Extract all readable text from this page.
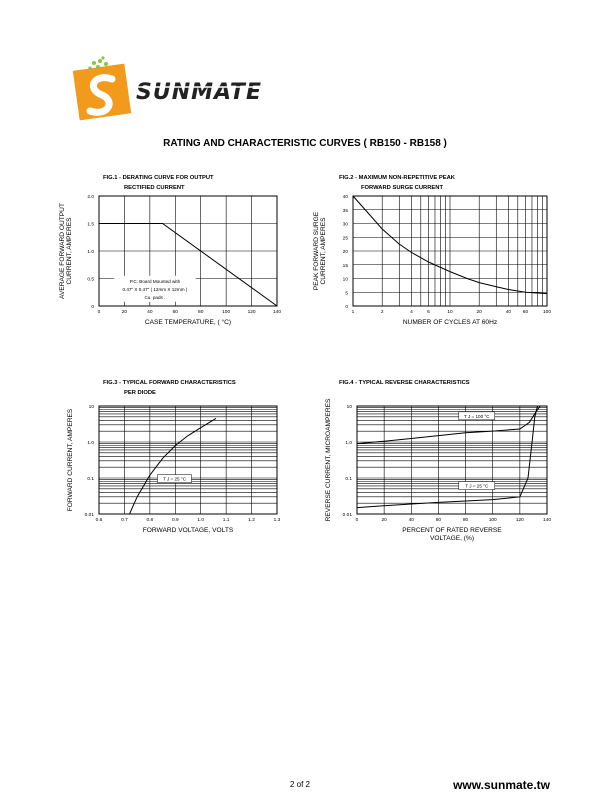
SUNMATE
RATING AND CHARACTERISTIC CURVES ( RB150 - RB158 )
FIG.1 - DERATING CURVE FOR OUTPUT
RECTIFIED CURRENT
0	20	40	60	80	100	120	140
0
0.5
1.0
1.5
2.0
CASE TEMPERATURE, ( °C)
AVERAGE FORWARD OUTPUT CURRENT, AMPERES	P.C. Board Mounted with
0.47" X 0.47" ( 12mm X 12mm )
Cu. pads .
FIG.2 - MAXIMUM NON-REPETITIVE PEAK
FORWARD SURGE CURRENT
1	2	4	6	10	20	40 60	100
0
5
10
15
20
25
30
35
40
NUMBER OF CYCLES AT 60Hz
PEAK FORWARD SURGE CURRENT, AMPERES
FIG.3 - TYPICAL FORWARD CHARACTERISTICS
PER DIODE
0.6	0.7	0.8	0.9	1.0	1.1	1.2	1.3
0.01
0.1
1.0
10
FORWARD VOLTAGE, VOLTS
FORWARD CURRENT, AMPERES	T J = 25 °C
FIG.4 - TYPICAL REVERSE CHARACTERISTICS
0	20	40	60	80	100	120	140
0.01
0.1
1.0
10
PERCENT OF RATED REVERSE
VOLTAGE, (%)
REVERSE CURRENT, MICROAMPERES	T J = 100 °C
T J = 25 °C
2 of 2	www.sunmate.tw
